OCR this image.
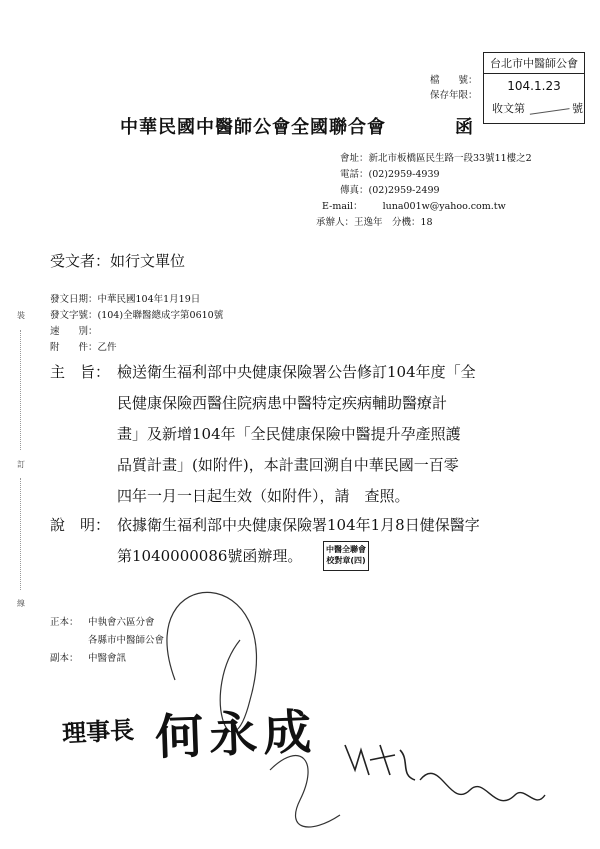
裝
訂
線
檔　　號：
保存年限：
台北市中醫師公會
104.1.23
收文第	號
中華民國中醫師公會全國聯合會	函
會址：新北市板橋區民生路一段33號11樓之2
電話：(02)2959-4939
傳真：(02)2959-2499
E-mail： luna001w@yahoo.com.tw
承辦人：王逸年　分機：18
受文者：如行文單位
發文日期：中華民國104年1月19日
發文字號：(104)全聯醫總成字第0610號
速　　別：
附　　件：乙件
主　旨： 檢送衛生福利部中央健康保險署公告修訂104年度「全
民健康保險西醫住院病患中醫特定疾病輔助醫療計
畫」及新增104年「全民健康保險中醫提升孕產照護
品質計畫」(如附件)，本計畫回溯自中華民國一百零
四年一月一日起生效（如附件），請　查照。
說　明： 依據衛生福利部中央健康保險署104年1月8日健保醫字
第1040000086號函辦理。	中醫全聯會
校對章(四)
正本： 中執會六區分會
各縣市中醫師公會
副本： 中醫會訊
理事長 何永成
